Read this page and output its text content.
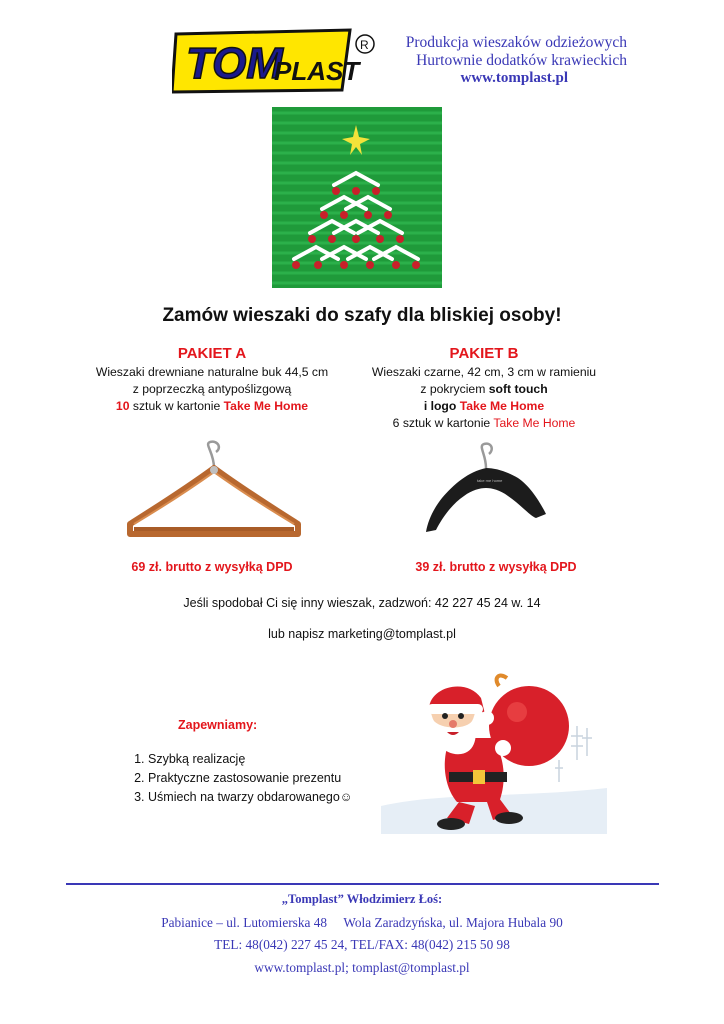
TOM
PLAST
R Produkcja wieszaków odzieżowych
Hurtownie dodatków krawieckich
www.tomplast.pl
Zamów wieszaki do szafy dla bliskiej osoby!
PAKIET A
Wieszaki drewniane naturalne buk 44,5 cm
z poprzeczką antypoślizgową
10 sztuk w kartonie Take Me Home
PAKIET B
Wieszaki czarne, 42 cm, 3 cm w ramieniu
z pokryciem soft touch
i logo Take Me Home
6 sztuk w kartonie Take Me Home
take me home
69 zł. brutto z wysyłką DPD	39 zł. brutto z wysyłką DPD
Jeśli spodobał Ci się inny wieszak, zadzwoń: 42 227 45 24 w. 14
lub napisz marketing@tomplast.pl
Zapewniamy:
1. Szybką realizację
2. Praktyczne zastosowanie prezentu
3. Uśmiech na twarzy obdarowanego☺
„Tomplast” Włodzimierz Łoś:
Pabianice – ul. Lutomierska 48     Wola Zaradzyńska, ul. Majora Hubala 90
TEL: 48(042) 227 45 24, TEL/FAX: 48(042) 215 50 98
www.tomplast.pl; tomplast@tomplast.pl
